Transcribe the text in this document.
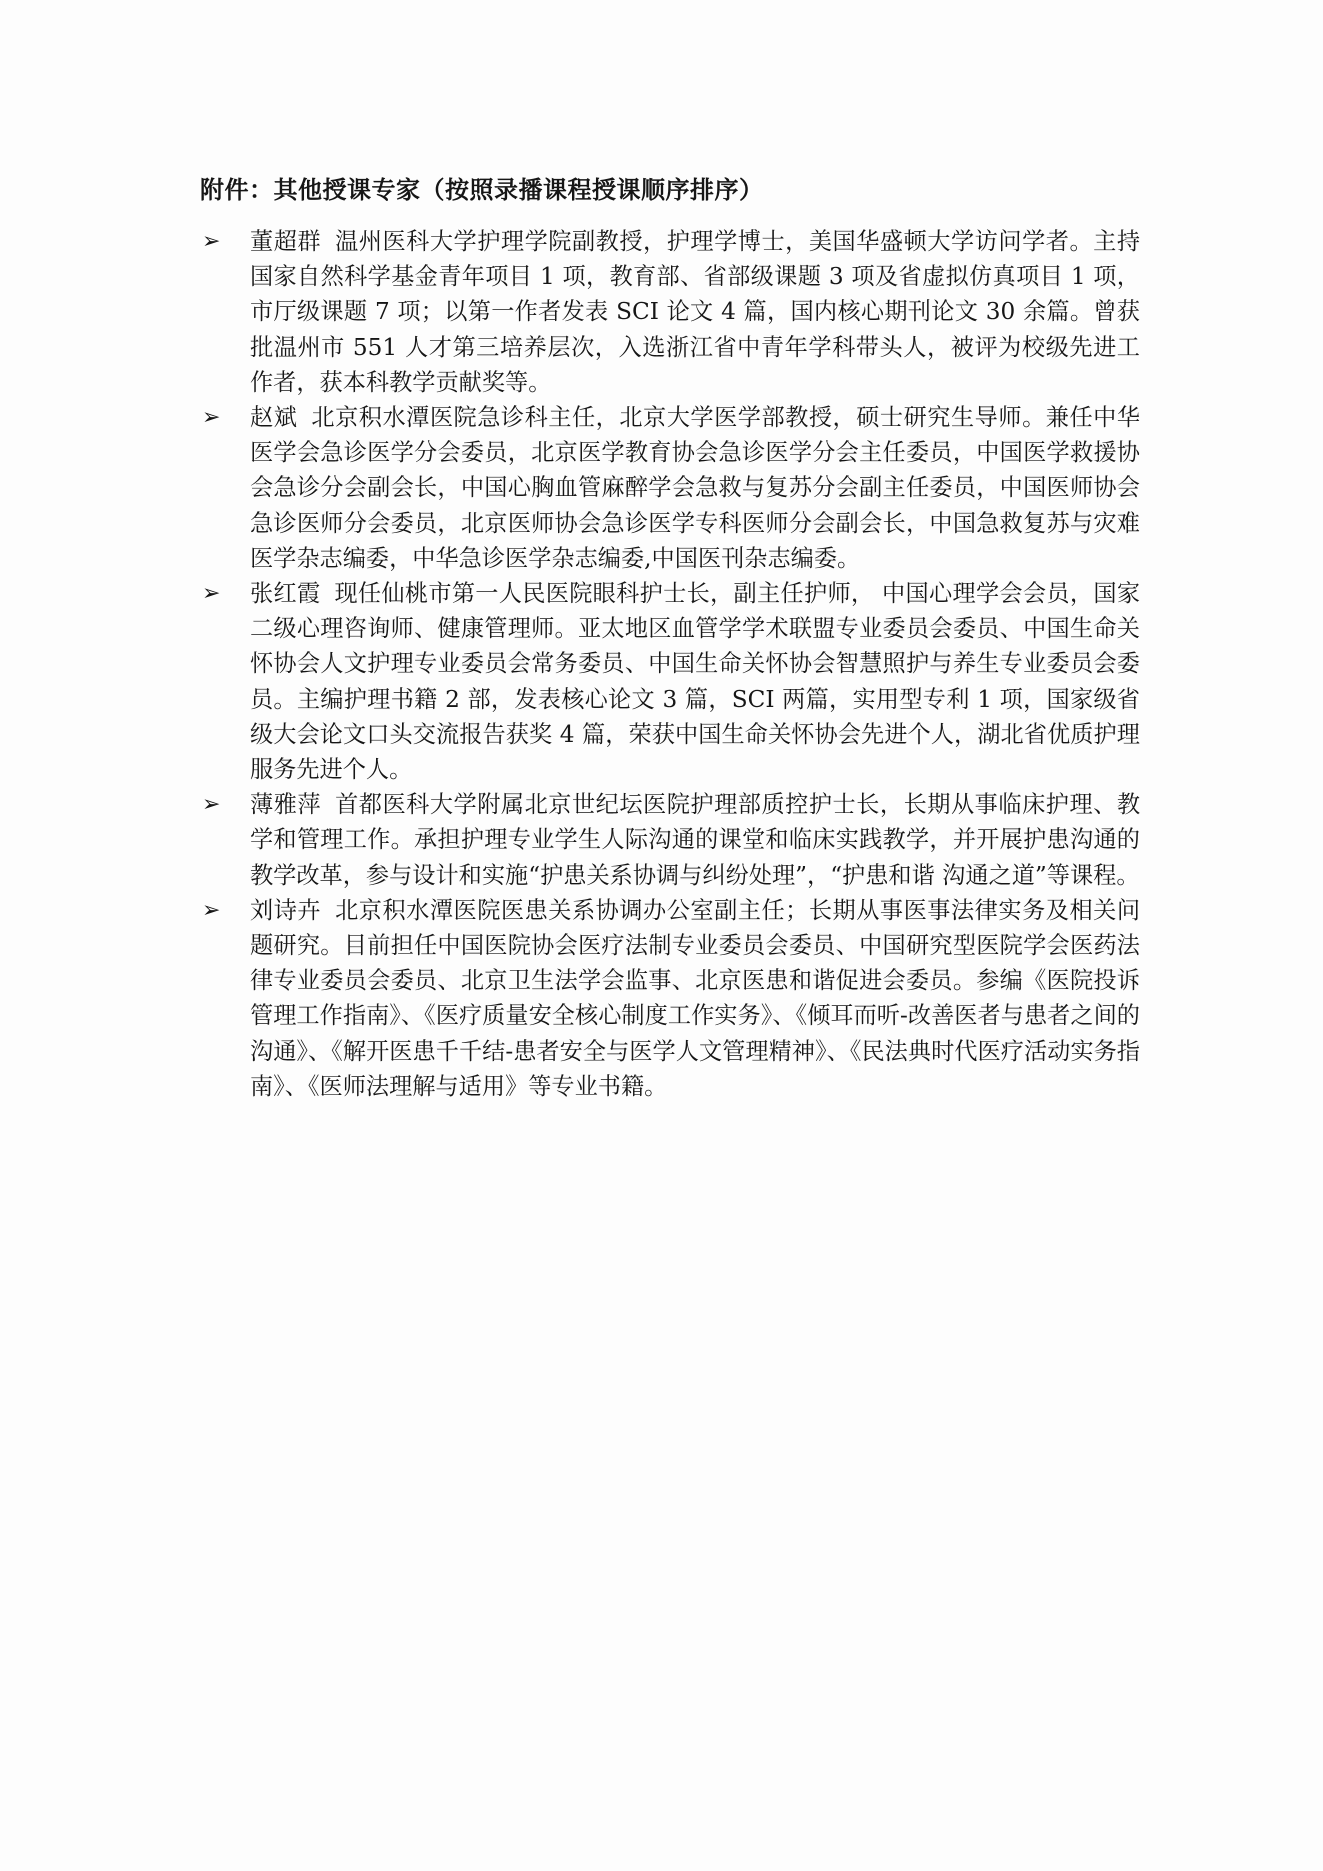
附件：其他授课专家（按照录播课程授课顺序排序）
➢ 董超群 温州医科大学护理学院副教授，护理学博士，美国华盛顿大学访问学者。主持国家自然科学基金青年项目 1 项，教育部、省部级课题 3 项及省虚拟仿真项目 1 项，市厅级课题 7 项；以第一作者发表 SCI 论文 4 篇，国内核心期刊论文 30 余篇。曾获批温州市 551 人才第三培养层次，入选浙江省中青年学科带头人，被评为校级先进工作者，获本科教学贡献奖等。
➢ 赵斌 北京积水潭医院急诊科主任，北京大学医学部教授，硕士研究生导师。兼任中华医学会急诊医学分会委员，北京医学教育协会急诊医学分会主任委员，中国医学救援协会急诊分会副会长，中国心胸血管麻醉学会急救与复苏分会副主任委员，中国医师协会急诊医师分会委员，北京医师协会急诊医学专科医师分会副会长，中国急救复苏与灾难医学杂志编委，中华急诊医学杂志编委,中国医刊杂志编委。
➢ 张红霞 现任仙桃市第一人民医院眼科护士长，副主任护师， 中国心理学会会员，国家二级心理咨询师、健康管理师。亚太地区血管学学术联盟专业委员会委员、中国生命关怀协会人文护理专业委员会常务委员、中国生命关怀协会智慧照护与养生专业委员会委员。主编护理书籍 2 部，发表核心论文 3 篇，SCI 两篇，实用型专利 1 项，国家级省级大会论文口头交流报告获奖 4 篇，荣获中国生命关怀协会先进个人，湖北省优质护理服务先进个人。
➢ 薄雅萍 首都医科大学附属北京世纪坛医院护理部质控护士长，长期从事临床护理、教学和管理工作。承担护理专业学生人际沟通的课堂和临床实践教学，并开展护患沟通的教学改革，参与设计和实施“护患关系协调与纠纷处理”，“护患和谐 沟通之道”等课程。
➢ 刘诗卉 北京积水潭医院医患关系协调办公室副主任；长期从事医事法律实务及相关问题研究。目前担任中国医院协会医疗法制专业委员会委员、中国研究型医院学会医药法律专业委员会委员、北京卫生法学会监事、北京医患和谐促进会委员。参编《医院投诉管理工作指南》、《医疗质量安全核心制度工作实务》、《倾耳而听-改善医者与患者之间的沟通》、《解开医患千千结-患者安全与医学人文管理精神》、《民法典时代医疗活动实务指南》、《医师法理解与适用》等专业书籍。
